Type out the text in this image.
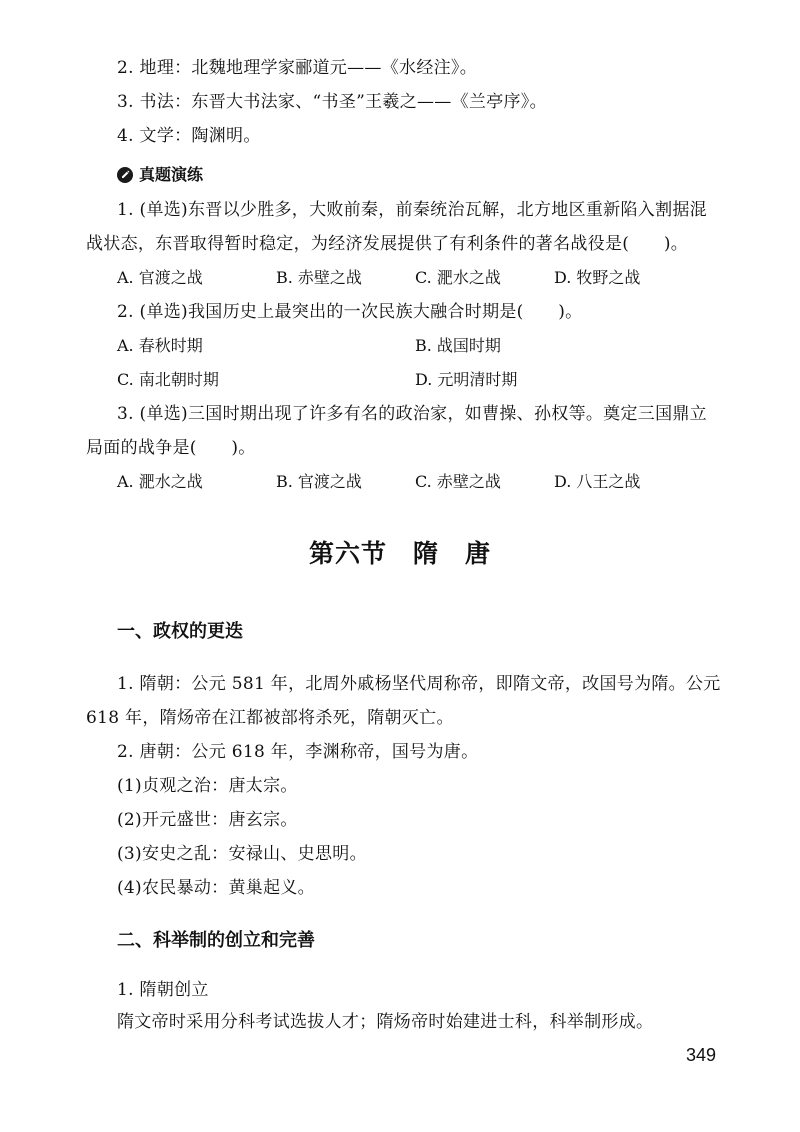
2. 地理：北魏地理学家郦道元——《水经注》。
3. 书法：东晋大书法家、“书圣”王羲之——《兰亭序》。
4. 文学：陶渊明。
真题演练
1. (单选)东晋以少胜多，大败前秦，前秦统治瓦解，北方地区重新陷入割据混
战状态，东晋取得暂时稳定，为经济发展提供了有利条件的著名战役是(　　)。
A. 官渡之战	B. 赤壁之战	C. 淝水之战	D. 牧野之战
2. (单选)我国历史上最突出的一次民族大融合时期是(　　)。
A. 春秋时期	B. 战国时期
C. 南北朝时期	D. 元明清时期
3. (单选)三国时期出现了许多有名的政治家，如曹操、孙权等。奠定三国鼎立
局面的战争是(　　)。
A. 淝水之战	B. 官渡之战	C. 赤壁之战	D. 八王之战
第六节　隋　唐
一、政权的更迭
1. 隋朝：公元 581 年，北周外戚杨坚代周称帝，即隋文帝，改国号为隋。公元
618 年，隋炀帝在江都被部将杀死，隋朝灭亡。
2. 唐朝：公元 618 年，李渊称帝，国号为唐。
(1)贞观之治：唐太宗。
(2)开元盛世：唐玄宗。
(3)安史之乱：安禄山、史思明。
(4)农民暴动：黄巢起义。
二、科举制的创立和完善
1. 隋朝创立
隋文帝时采用分科考试选拔人才；隋炀帝时始建进士科，科举制形成。
349
